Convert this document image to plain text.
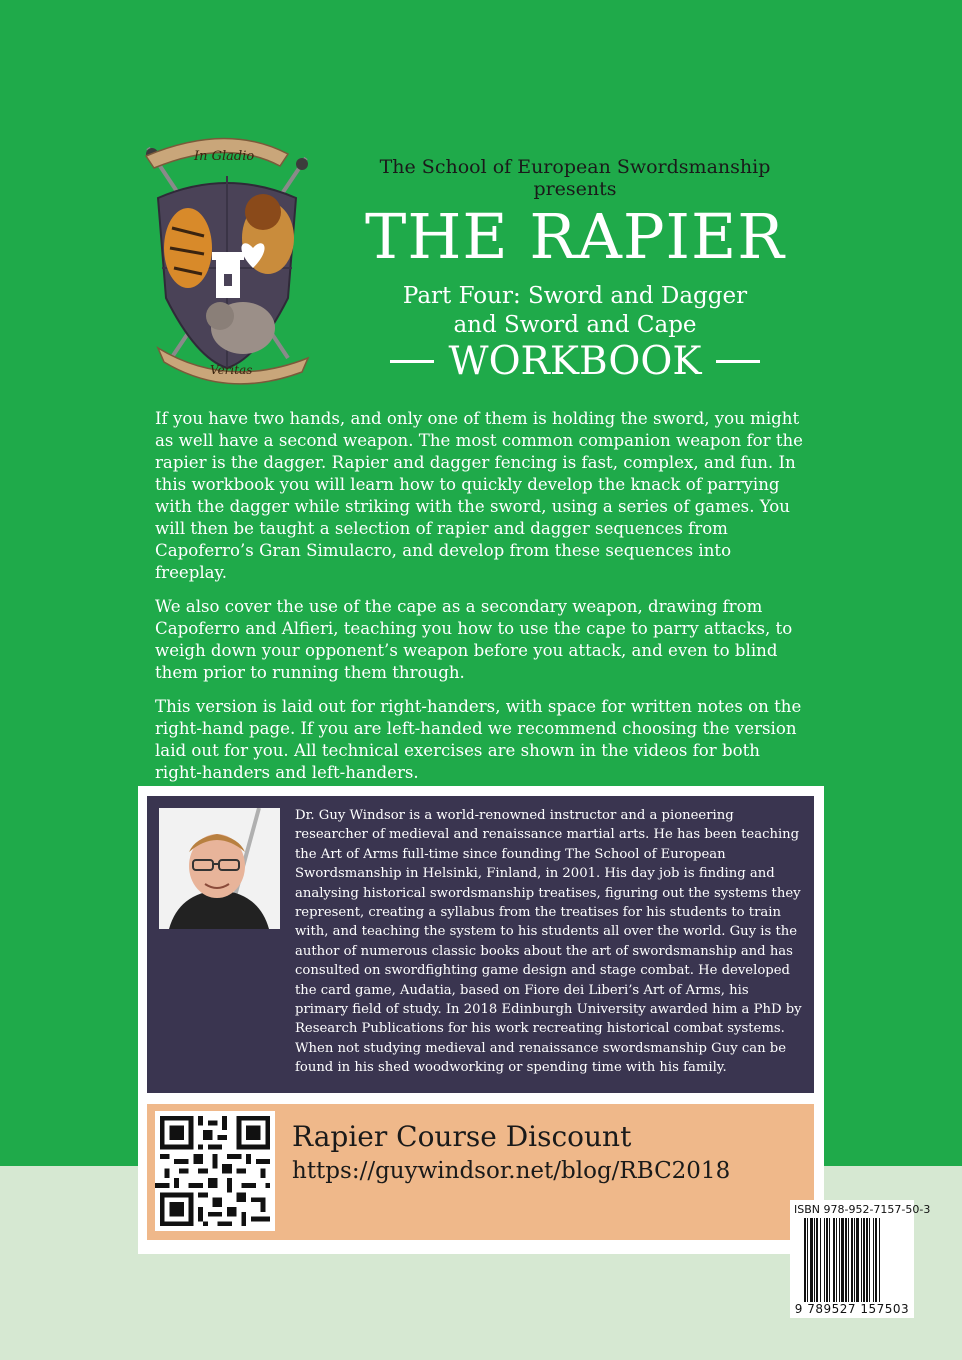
In Gladio
Veritas
The School of European Swordsmanship presents
THE RAPIER
Part Four: Sword and Dagger
and Sword and Cape
WORKBOOK

If you have two hands, and only one of them is holding the sword, you might as well have a second weapon. The most common companion weapon for the rapier is the dagger. Rapier and dagger fencing is fast, complex, and fun. In this workbook you will learn how to quickly develop the knack of parrying with the dagger while striking with the sword, using a series of games. You will then be taught a selection of rapier and dagger sequences from Capoferro’s Gran Simulacro, and develop from these sequences into freeplay.

We also cover the use of the cape as a secondary weapon, drawing from Capoferro and Alfieri, teaching you how to use the cape to parry attacks, to weigh down your opponent’s weapon before you attack, and even to blind them prior to running them through.

This version is laid out for right-handers, with space for written notes on the right-hand page. If you are left-handed we recommend choosing the version laid out for you. All technical exercises are shown in the videos for both right-handers and left-handers.

Dr. Guy Windsor is a world-renowned instructor and a pioneering researcher of medieval and renaissance martial arts. He has been teaching the Art of Arms full-time since founding The School of European Swordsmanship in Helsinki, Finland, in 2001. His day job is finding and analysing historical swordsmanship treatises, figuring out the systems they represent, creating a syllabus from the treatises for his students to train with, and teaching the system to his students all over the world. Guy is the author of numerous classic books about the art of swordsmanship and has consulted on swordfighting game design and stage combat. He developed the card game, Audatia, based on Fiore dei Liberi’s Art of Arms, his primary field of study. In 2018 Edinburgh University awarded him a PhD by Research Publications for his work recreating historical combat systems. When not studying medieval and renaissance swordsmanship Guy can be found in his shed woodworking or spending time with his family.
Rapier Course Discount
https://guywindsor.net/blog/RBC2018
ISBN 978-952-7157-50-3
9 789527 157503
